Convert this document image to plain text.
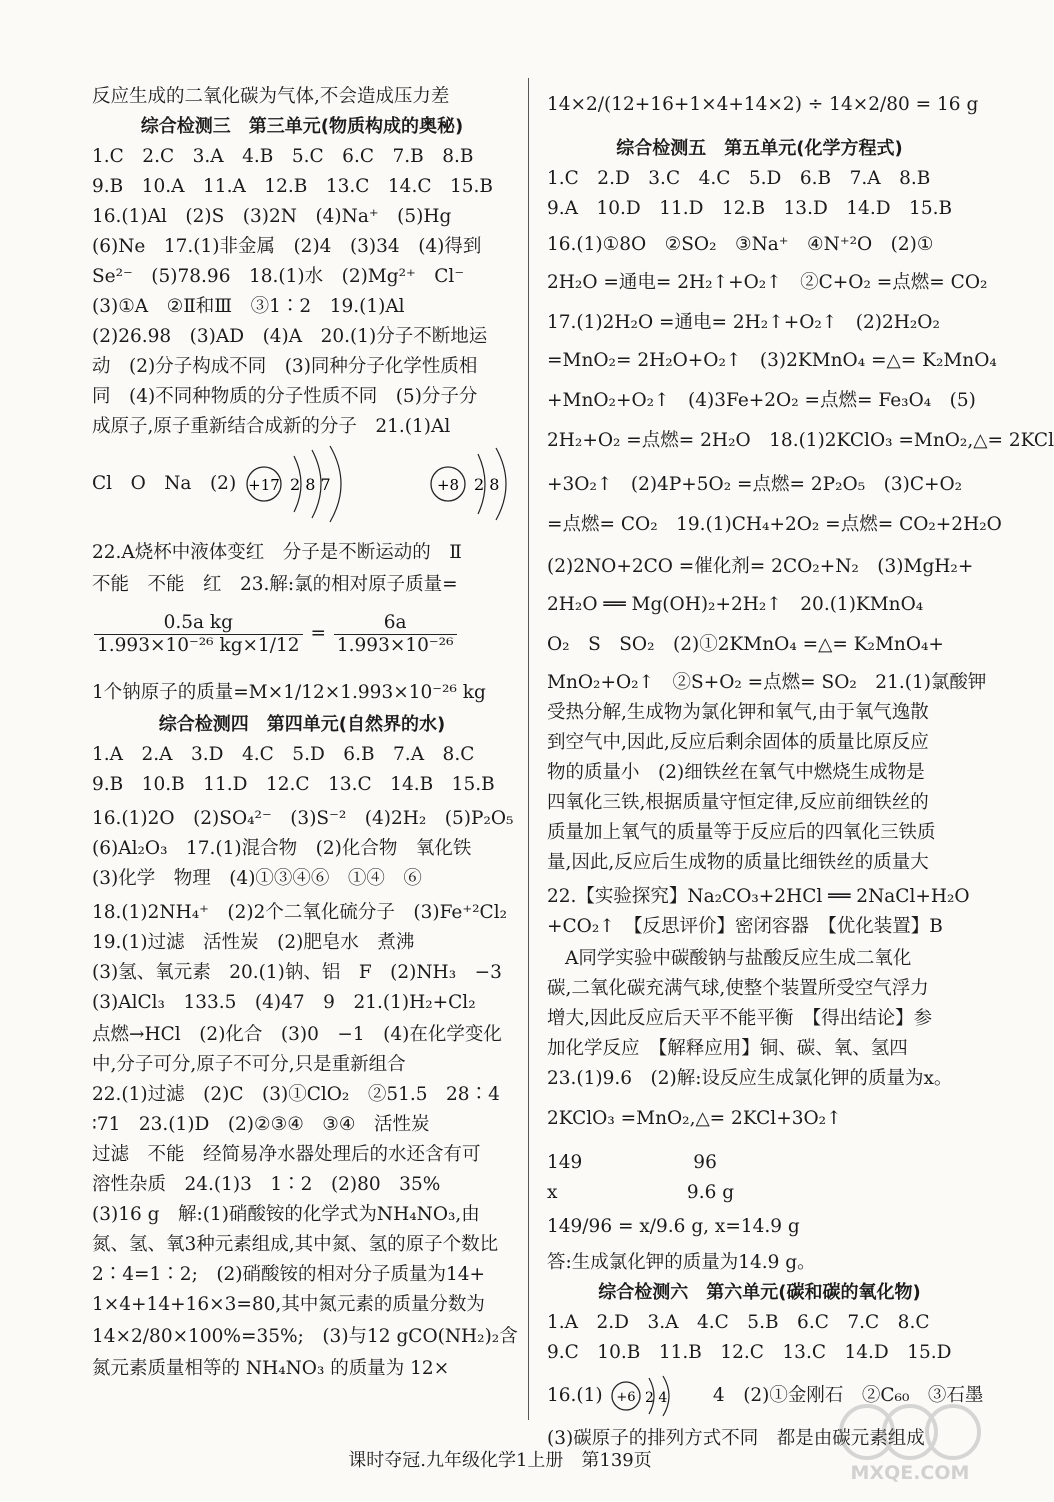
反应生成的二氧化碳为气体,不会造成压力差
综合检测三　第三单元(物质构成的奥秘)
1.C　2.C　3.A　4.B　5.C　6.C　7.B　8.B
9.B　10.A　11.A　12.B　13.C　14.C　15.B
16.(1)Al　(2)S　(3)2N　(4)Na⁺　(5)Hg
(6)Ne　17.(1)非金属　(2)4　(3)34　(4)得到
Se²⁻　(5)78.96　18.(1)水　(2)Mg²⁺　Cl⁻
(3)①A　②Ⅱ和Ⅲ　③1∶2　19.(1)Al
(2)26.98　(3)AD　(4)A　20.(1)分子不断地运
动　(2)分子构成不同　(3)同种分子化学性质相
同　(4)不同种物质的分子性质不同　(5)分子分
成原子,原子重新结合成新的分子　21.(1)Al
Cl　O　Na　(2) +17 2 8 7
	+8 2 8
22.A烧杯中液体变红　分子是不断运动的　Ⅱ
不能　不能　红　23.解:氯的相对原子质量=
$\frac{\text{0.5a kg}}{\text{1.993×10⁻²⁶ kg×1/12}} = \frac{6a}{\text{1.993×10⁻²⁶}}$
1个钠原子的质量=M×1/12×1.993×10⁻²⁶ kg
综合检测四　第四单元(自然界的水)
1.A　2.A　3.D　4.C　5.D　6.B　7.A　8.C
9.B　10.B　11.D　12.C　13.C　14.B　15.B
16.(1)2O　(2)SO₄²⁻　(3)S⁻²　(4)2H₂　(5)P₂O₅
(6)Al₂O₃　17.(1)混合物　(2)化合物　氧化铁
(3)化学　物理　(4)①③④⑥　①④　⑥
18.(1)2NH₄⁺　(2)2个二氧化硫分子　(3)Fe⁺²Cl₂
19.(1)过滤　活性炭　(2)肥皂水　煮沸
(3)氢、氧元素　20.(1)钠、铝　F　(2)NH₃　−3
(3)AlCl₃　133.5　(4)47　9　21.(1)H₂+Cl₂
点燃→HCl　(2)化合　(3)0　−1　(4)在化学变化
中,分子可分,原子不可分,只是重新组合
22.(1)过滤　(2)C　(3)①ClO₂　②51.5　28∶4
∶71　23.(1)D　(2)②③④　③④　活性炭
过滤　不能　经简易净水器处理后的水还含有可
溶性杂质　24.(1)3　1∶2　(2)80　35%
(3)16 g　解:(1)硝酸铵的化学式为NH₄NO₃,由
氮、氢、氧3种元素组成,其中氮、氢的原子个数比
2∶4=1∶2;　(2)硝酸铵的相对分子质量为14+
1×4+14+16×3=80,其中氮元素的质量分数为
14×2/80×100%=35%;　(3)与12 gCO(NH₂)₂含
氮元素质量相等的 NH₄NO₃ 的质量为 12×
14×2/(12+16+1×4+14×2) ÷ 14×2/80 = 16 g
综合检测五　第五单元(化学方程式)
1.C　2.D　3.C　4.C　5.D　6.B　7.A　8.B
9.A　10.D　11.D　12.B　13.D　14.D　15.B
16.(1)①8O　②SO₂　③Na⁺　④N⁺²O　(2)①
2H₂O =通电= 2H₂↑+O₂↑　②C+O₂ =点燃= CO₂
17.(1)2H₂O =通电= 2H₂↑+O₂↑　(2)2H₂O₂
=MnO₂= 2H₂O+O₂↑　(3)2KMnO₄ =△= K₂MnO₄
+MnO₂+O₂↑　(4)3Fe+2O₂ =点燃= Fe₃O₄　(5)
2H₂+O₂ =点燃= 2H₂O　18.(1)2KClO₃ =MnO₂,△= 2KCl
+3O₂↑　(2)4P+5O₂ =点燃= 2P₂O₅　(3)C+O₂
=点燃= CO₂　19.(1)CH₄+2O₂ =点燃= CO₂+2H₂O
(2)2NO+2CO =催化剂= 2CO₂+N₂　(3)MgH₂+
2H₂O ══ Mg(OH)₂+2H₂↑　20.(1)KMnO₄
O₂　S　SO₂　(2)①2KMnO₄ =△= K₂MnO₄+
MnO₂+O₂↑　②S+O₂ =点燃= SO₂　21.(1)氯酸钾
受热分解,生成物为氯化钾和氧气,由于氧气逸散
到空气中,因此,反应后剩余固体的质量比原反应
物的质量小　(2)细铁丝在氧气中燃烧生成物是
四氧化三铁,根据质量守恒定律,反应前细铁丝的
质量加上氧气的质量等于反应后的四氧化三铁质
量,因此,反应后生成物的质量比细铁丝的质量大
22.【实验探究】Na₂CO₃+2HCl ══ 2NaCl+H₂O
+CO₂↑　【反思评价】密闭容器　【优化装置】B
A同学实验中碳酸钠与盐酸反应生成二氧化
碳,二氧化碳充满气球,使整个装置所受空气浮力
增大,因此反应后天平不能平衡　【得出结论】参
加化学反应　【解释应用】铜、碳、氧、氢四
23.(1)9.6　(2)解:设反应生成氯化钾的质量为x。
2KClO₃ =MnO₂,△= 2KCl+3O₂↑
149　　　　　　96
x　　　　　　　9.6 g
149/96 = x/9.6 g, x=14.9 g
答:生成氯化钾的质量为14.9 g。
综合检测六　第六单元(碳和碳的氧化物)
1.A　2.D　3.A　4.C　5.B　6.C　7.C　8.C
9.C　10.B　11.B　12.C　13.C　14.D　15.D
16.(1) +6 2 4 　4　(2)①金刚石　②C₆₀　③石墨
(3)碳原子的排列方式不同　都是由碳元素组成
课时夺冠.九年级化学1上册　第139页
MXQE.COM
